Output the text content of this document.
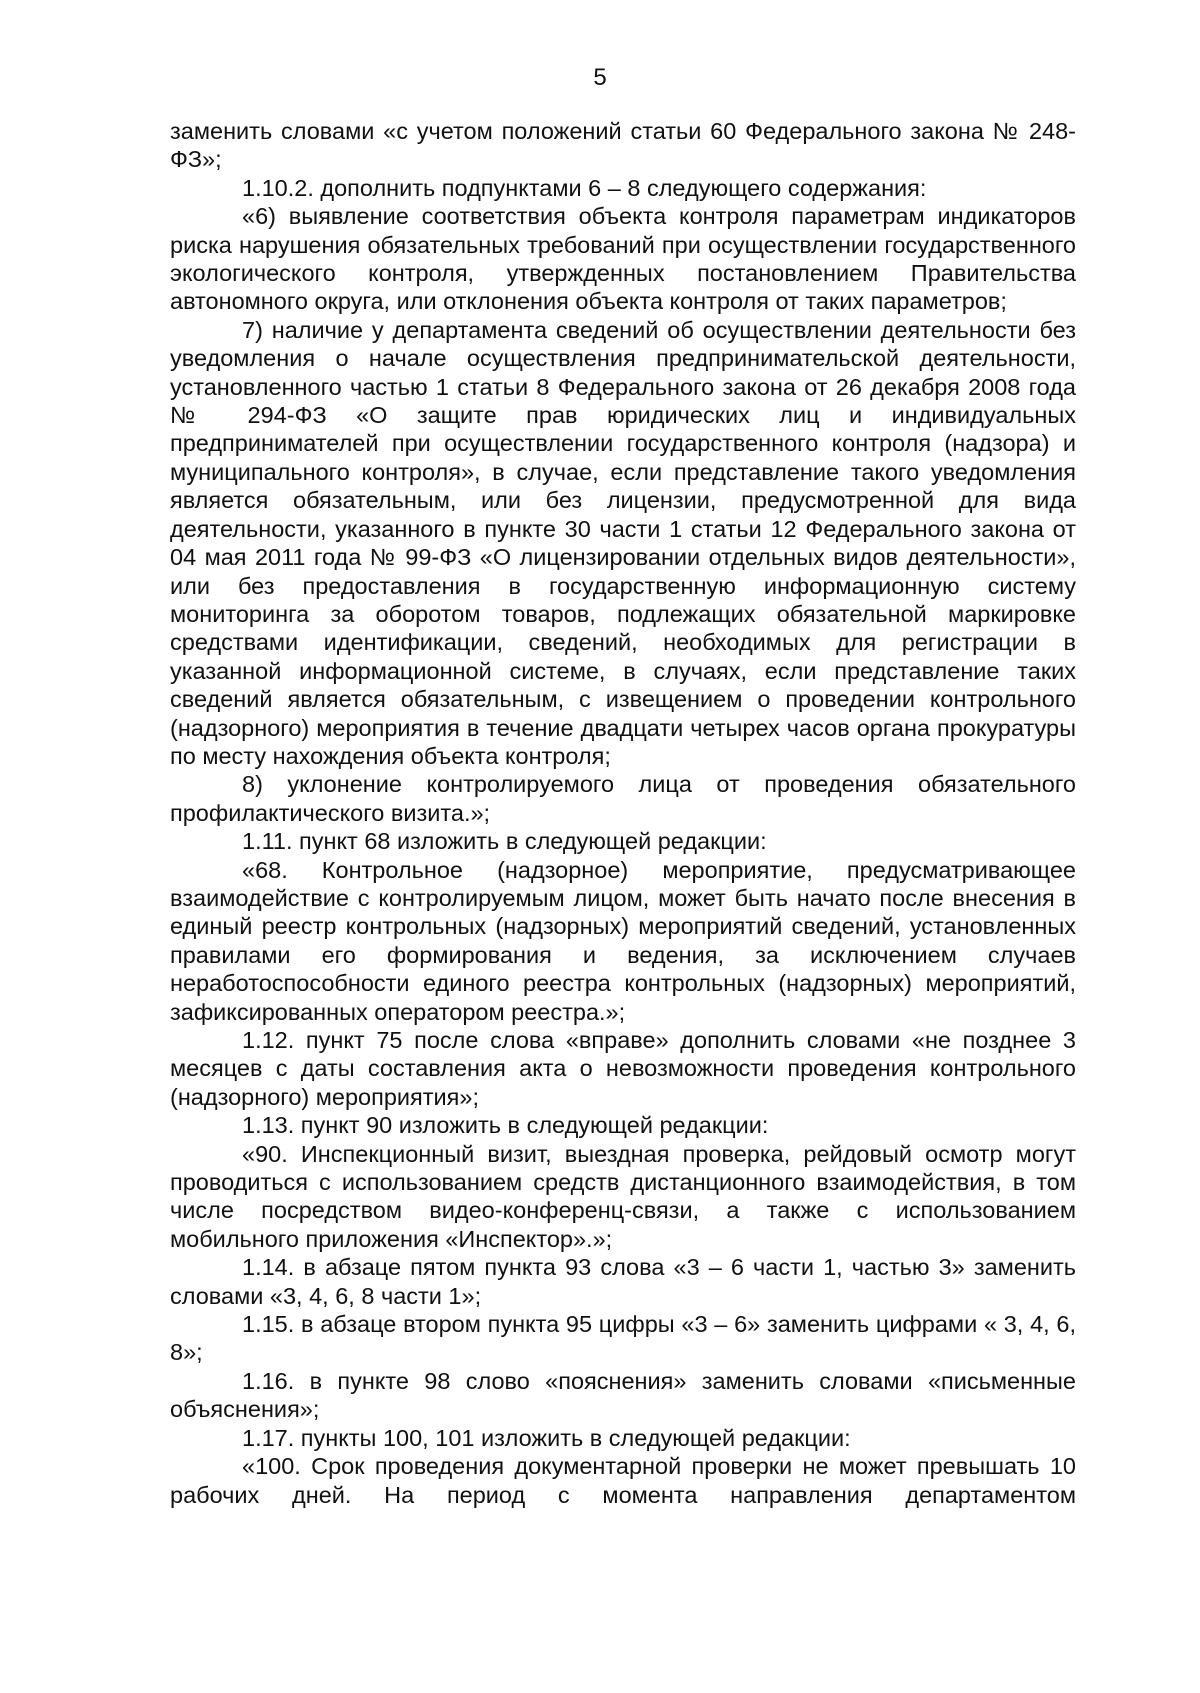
5

заменить словами «с учетом положений статьи 60 Федерального закона № 248-ФЗ»;

1.10.2. дополнить подпунктами 6 – 8 следующего содержания:

«6) выявление соответствия объекта контроля параметрам индикаторов риска нарушения обязательных требований при осуществлении государственного экологического контроля, утвержденных постановлением Правительства автономного округа, или отклонения объекта контроля от таких параметров;

7) наличие у департамента сведений об осуществлении деятельности без уведомления о начале осуществления предпринимательской деятельности, установленного частью 1 статьи 8 Федерального закона от 26 декабря 2008 года № 294-ФЗ «О защите прав юридических лиц и индивидуальных предпринимателей при осуществлении государственного контроля (надзора) и муниципального контроля», в случае, если представление такого уведомления является обязательным, или без лицензии, предусмотренной для вида деятельности, указанного в пункте 30 части 1 статьи 12 Федерального закона от 04 мая 2011 года № 99-ФЗ «О лицензировании отдельных видов деятельности», или без предоставления в государственную информационную систему мониторинга за оборотом товаров, подлежащих обязательной маркировке средствами идентификации, сведений, необходимых для регистрации в указанной информационной системе, в случаях, если представление таких сведений является обязательным, с извещением о проведении контрольного (надзорного) мероприятия в течение двадцати четырех часов органа прокуратуры по месту нахождения объекта контроля;

8) уклонение контролируемого лица от проведения обязательного профилактического визита.»;

1.11. пункт 68 изложить в следующей редакции:

«68. Контрольное (надзорное) мероприятие, предусматривающее взаимодействие с контролируемым лицом, может быть начато после внесения в единый реестр контрольных (надзорных) мероприятий сведений, установленных правилами его формирования и ведения, за исключением случаев неработоспособности единого реестра контрольных (надзорных) мероприятий, зафиксированных оператором реестра.»;

1.12. пункт 75 после слова «вправе» дополнить словами «не позднее 3 месяцев с даты составления акта о невозможности проведения контрольного (надзорного) мероприятия»;

1.13. пункт 90 изложить в следующей редакции:

«90. Инспекционный визит, выездная проверка, рейдовый осмотр могут проводиться с использованием средств дистанционного взаимодействия, в том числе посредством видео-конференц-связи, а также с использованием мобильного приложения «Инспектор».»;

1.14. в абзаце пятом пункта 93 слова «3 – 6 части 1, частью 3» заменить словами «3, 4, 6, 8 части 1»;

1.15. в абзаце втором пункта 95 цифры «3 – 6» заменить цифрами « 3, 4, 6, 8»;

1.16. в пункте 98 слово «пояснения» заменить словами «письменные объяснения»;

1.17. пункты 100, 101 изложить в следующей редакции:

«100. Срок проведения документарной проверки не может превышать 10 рабочих дней. На период с момента направления департаментом
